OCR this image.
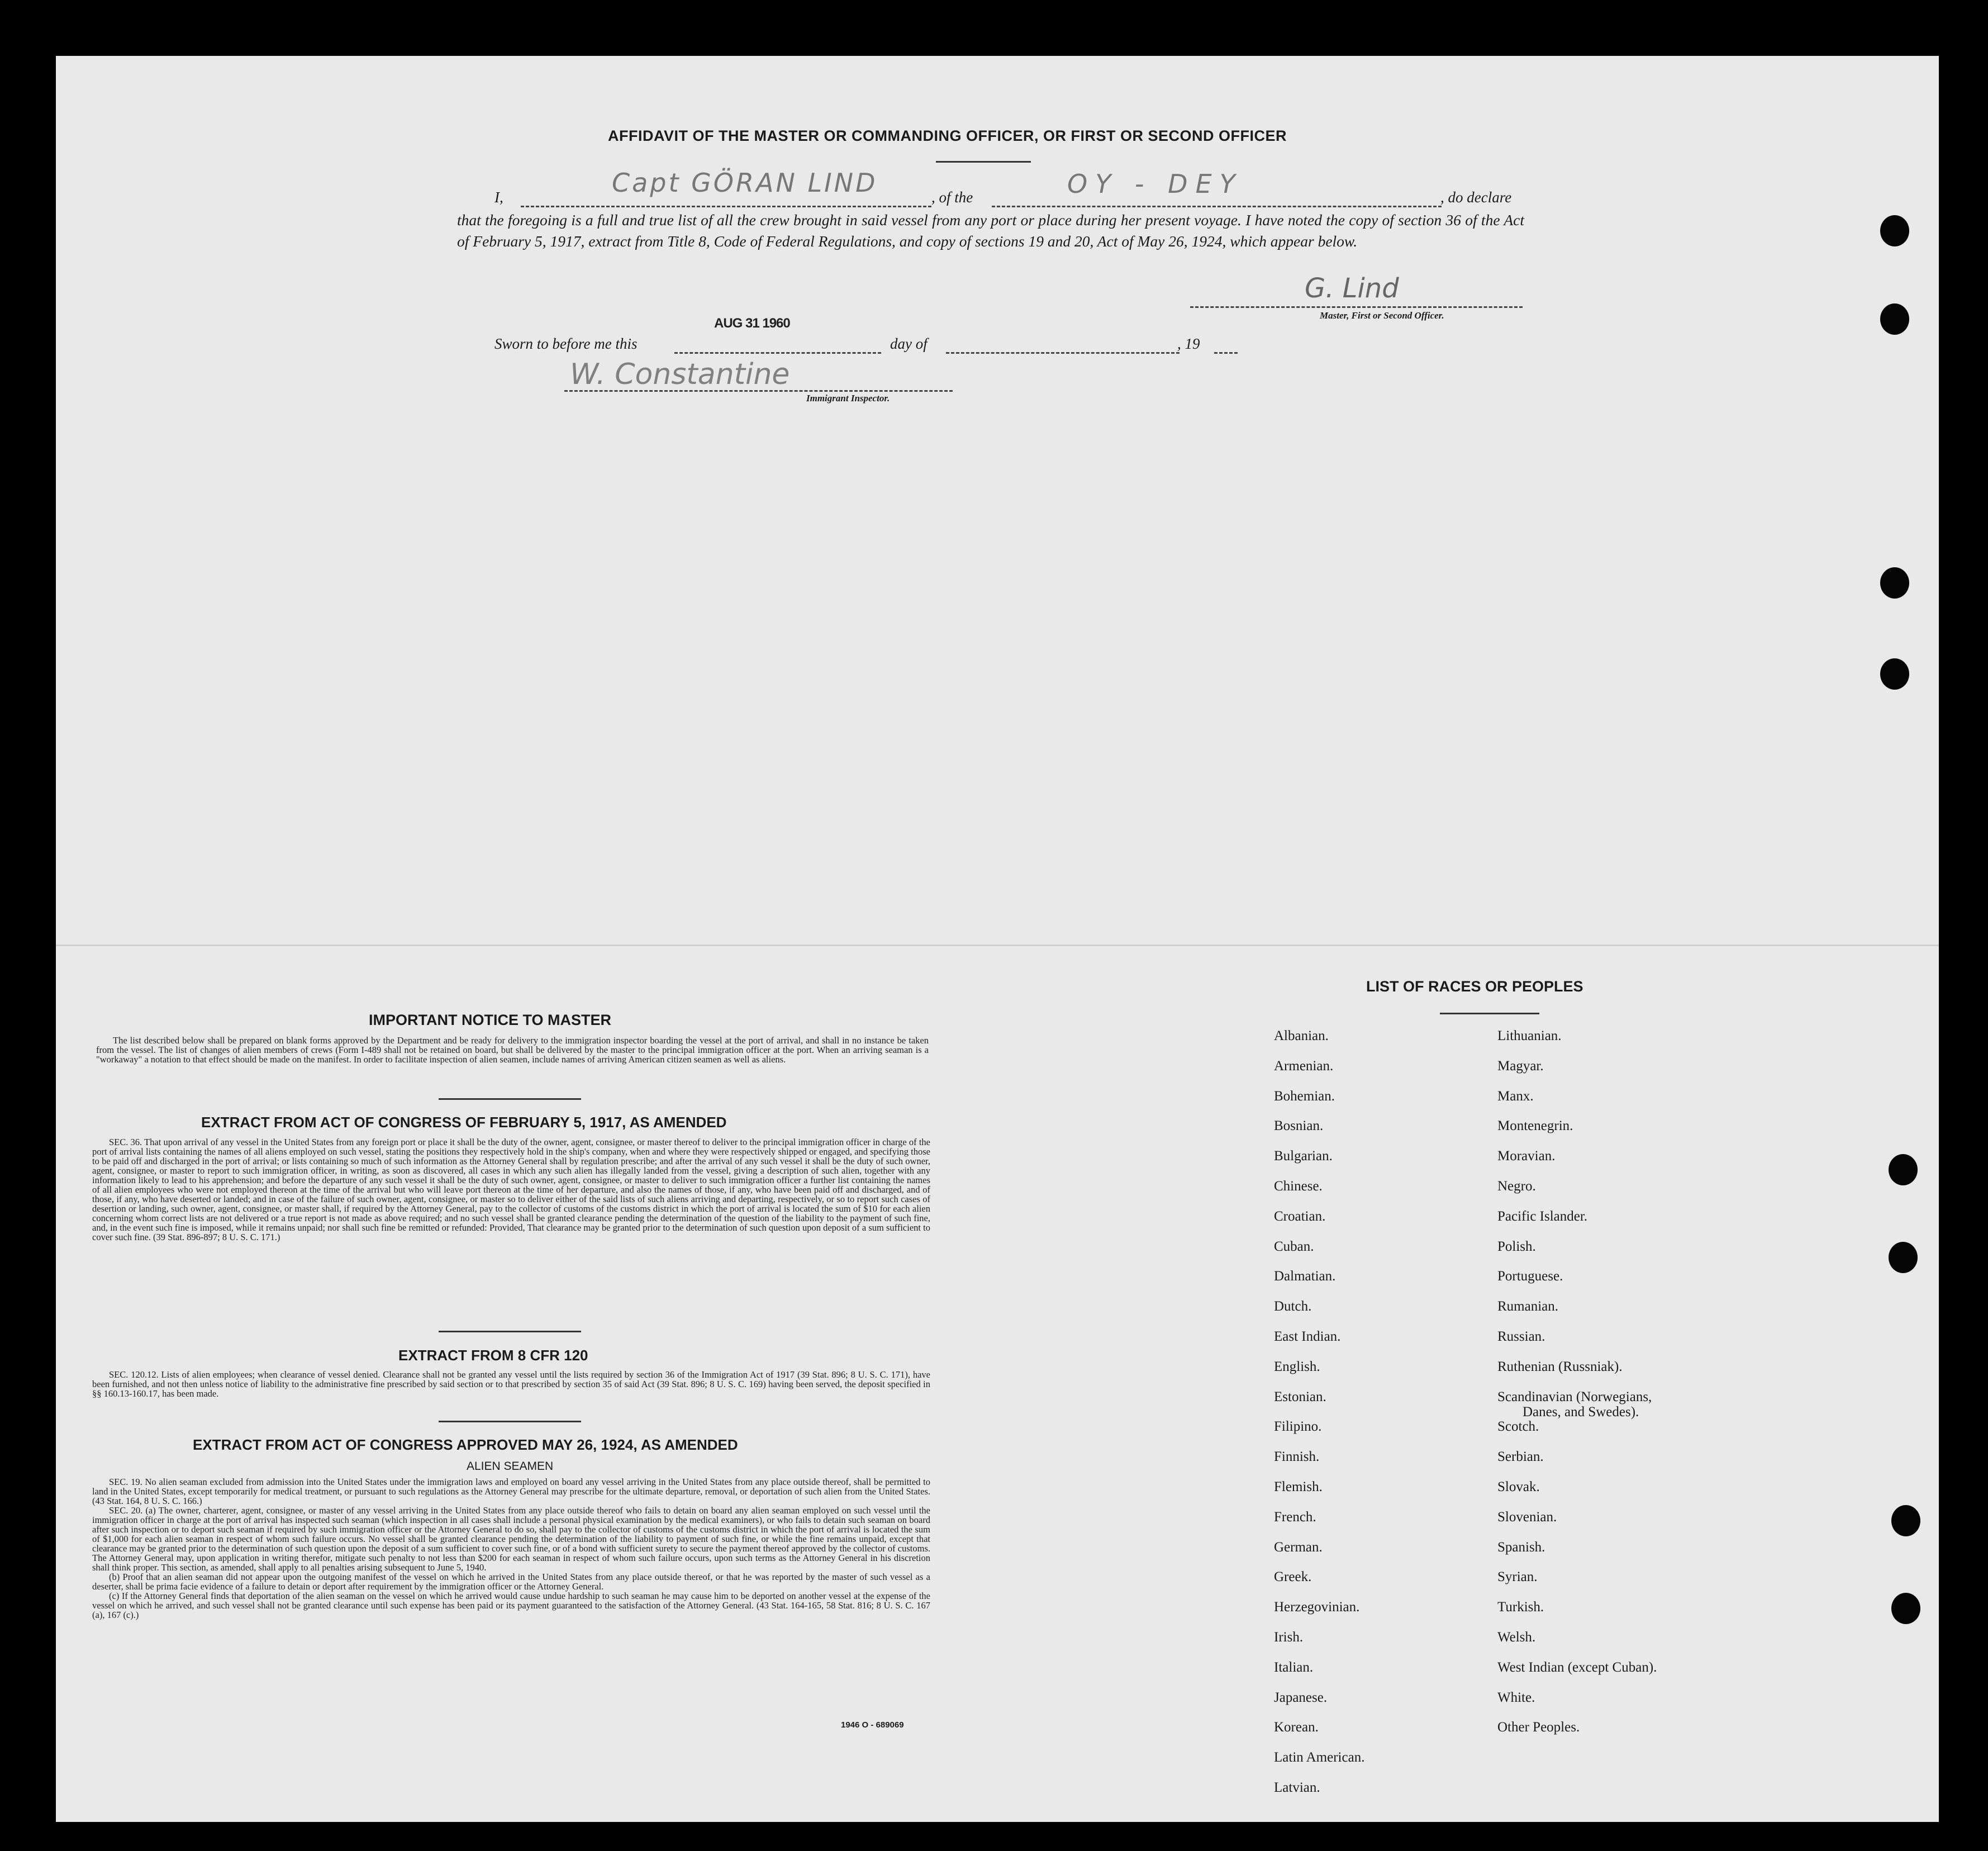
AFFIDAVIT OF THE MASTER OR COMMANDING OFFICER, OR FIRST OR SECOND OFFICER
I,	Capt GÖRAN LIND	, of the	OY - DEY	, do declare
that the foregoing is a full and true list of all the crew brought in said vessel from any port or place during her present voyage. I have noted the copy of section 36 of the Act of February 5, 1917, extract from Title 8, Code of Federal Regulations, and copy of sections 19 and 20, Act of May 26, 1924, which appear below.
G. Lind
Master, First or Second Officer.
Sworn to before me this
AUG 31 1960
day of	, 19
W. Constantine
Immigrant Inspector.
IMPORTANT NOTICE TO MASTER

The list described below shall be prepared on blank forms approved by the Department and be ready for delivery to the immigration inspector boarding the vessel at the port of arrival, and shall in no instance be taken from the vessel. The list of changes of alien members of crews (Form I-489 shall not be retained on board, but shall be delivered by the master to the principal immigration officer at the port. When an arriving seaman is a "workaway" a notation to that effect should be made on the manifest. In order to facilitate inspection of alien seamen, include names of arriving American citizen seamen as well as aliens.

EXTRACT FROM ACT OF CONGRESS OF FEBRUARY 5, 1917, AS AMENDED

SEC. 36. That upon arrival of any vessel in the United States from any foreign port or place it shall be the duty of the owner, agent, consignee, or master thereof to deliver to the principal immigration officer in charge of the port of arrival lists containing the names of all aliens employed on such vessel, stating the positions they respectively hold in the ship's company, when and where they were respectively shipped or engaged, and specifying those to be paid off and discharged in the port of arrival; or lists containing so much of such information as the Attorney General shall by regulation prescribe; and after the arrival of any such vessel it shall be the duty of such owner, agent, consignee, or master to report to such immigration officer, in writing, as soon as discovered, all cases in which any such alien has illegally landed from the vessel, giving a description of such alien, together with any information likely to lead to his apprehension; and before the departure of any such vessel it shall be the duty of such owner, agent, consignee, or master to deliver to such immigration officer a further list containing the names of all alien employees who were not employed thereon at the time of the arrival but who will leave port thereon at the time of her departure, and also the names of those, if any, who have been paid off and discharged, and of those, if any, who have deserted or landed; and in case of the failure of such owner, agent, consignee, or master so to deliver either of the said lists of such aliens arriving and departing, respectively, or so to report such cases of desertion or landing, such owner, agent, consignee, or master shall, if required by the Attorney General, pay to the collector of customs of the customs district in which the port of arrival is located the sum of $10 for each alien concerning whom correct lists are not delivered or a true report is not made as above required; and no such vessel shall be granted clearance pending the determination of the question of the liability to the payment of such fine, and, in the event such fine is imposed, while it remains unpaid; nor shall such fine be remitted or refunded: Provided, That clearance may be granted prior to the determination of such question upon deposit of a sum sufficient to cover such fine. (39 Stat. 896-897; 8 U. S. C. 171.)

EXTRACT FROM 8 CFR 120

SEC. 120.12. Lists of alien employees; when clearance of vessel denied. Clearance shall not be granted any vessel until the lists required by section 36 of the Immigration Act of 1917 (39 Stat. 896; 8 U. S. C. 171), have been furnished, and not then unless notice of liability to the administrative fine prescribed by said section or to that prescribed by section 35 of said Act (39 Stat. 896; 8 U. S. C. 169) having been served, the deposit specified in §§ 160.13-160.17, has been made.

EXTRACT FROM ACT OF CONGRESS APPROVED MAY 26, 1924, AS AMENDED
ALIEN SEAMEN

SEC. 19. No alien seaman excluded from admission into the United States under the immigration laws and employed on board any vessel arriving in the United States from any place outside thereof, shall be permitted to land in the United States, except temporarily for medical treatment, or pursuant to such regulations as the Attorney General may prescribe for the ultimate departure, removal, or deportation of such alien from the United States. (43 Stat. 164, 8 U. S. C. 166.)

SEC. 20. (a) The owner, charterer, agent, consignee, or master of any vessel arriving in the United States from any place outside thereof who fails to detain on board any alien seaman employed on such vessel until the immigration officer in charge at the port of arrival has inspected such seaman (which inspection in all cases shall include a personal physical examination by the medical examiners), or who fails to detain such seaman on board after such inspection or to deport such seaman if required by such immigration officer or the Attorney General to do so, shall pay to the collector of customs of the customs district in which the port of arrival is located the sum of $1,000 for each alien seaman in respect of whom such failure occurs. No vessel shall be granted clearance pending the determination of the liability to payment of such fine, or while the fine remains unpaid, except that clearance may be granted prior to the determination of such question upon the deposit of a sum sufficient to cover such fine, or of a bond with sufficient surety to secure the payment thereof approved by the collector of customs. The Attorney General may, upon application in writing therefor, mitigate such penalty to not less than $200 for each seaman in respect of whom such failure occurs, upon such terms as the Attorney General in his discretion shall think proper. This section, as amended, shall apply to all penalties arising subsequent to June 5, 1940.

(b) Proof that an alien seaman did not appear upon the outgoing manifest of the vessel on which he arrived in the United States from any place outside thereof, or that he was reported by the master of such vessel as a deserter, shall be prima facie evidence of a failure to detain or deport after requirement by the immigration officer or the Attorney General.

(c) If the Attorney General finds that deportation of the alien seaman on the vessel on which he arrived would cause undue hardship to such seaman he may cause him to be deported on another vessel at the expense of the vessel on which he arrived, and such vessel shall not be granted clearance until such expense has been paid or its payment guaranteed to the satisfaction of the Attorney General. (43 Stat. 164-165, 58 Stat. 816; 8 U. S. C. 167 (a), 167 (c).)

1946 O - 689069
LIST OF RACES OR PEOPLES
Albanian.
Armenian.
Bohemian.
Bosnian.
Bulgarian.
Chinese.
Croatian.
Cuban.
Dalmatian.
Dutch.
East Indian.
English.
Estonian.
Filipino.
Finnish.
Flemish.
French.
German.
Greek.
Herzegovinian.
Irish.
Italian.
Japanese.
Korean.
Latin American.
Latvian.
Lithuanian.
Magyar.
Manx.
Montenegrin.
Moravian.
Negro.
Pacific Islander.
Polish.
Portuguese.
Rumanian.
Russian.
Ruthenian (Russniak).
Scandinavian (Norwegians,
Danes, and Swedes).
Scotch.
Serbian.
Slovak.
Slovenian.
Spanish.
Syrian.
Turkish.
Welsh.
West Indian (except Cuban).
White.
Other Peoples.
